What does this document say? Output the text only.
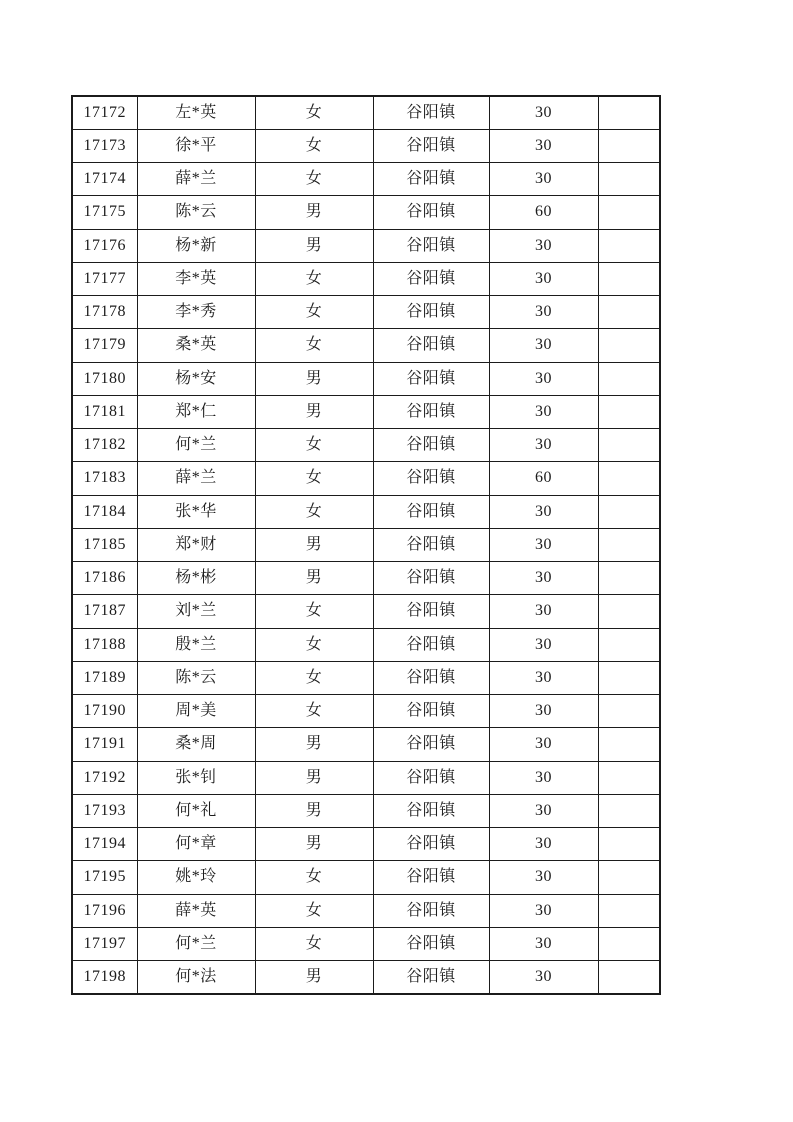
17172	左*英	女	谷阳镇	30	
17173	徐*平	女	谷阳镇	30	
17174	薛*兰	女	谷阳镇	30	
17175	陈*云	男	谷阳镇	60	
17176	杨*新	男	谷阳镇	30	
17177	李*英	女	谷阳镇	30	
17178	李*秀	女	谷阳镇	30	
17179	桑*英	女	谷阳镇	30	
17180	杨*安	男	谷阳镇	30	
17181	郑*仁	男	谷阳镇	30	
17182	何*兰	女	谷阳镇	30	
17183	薛*兰	女	谷阳镇	60	
17184	张*华	女	谷阳镇	30	
17185	郑*财	男	谷阳镇	30	
17186	杨*彬	男	谷阳镇	30	
17187	刘*兰	女	谷阳镇	30	
17188	殷*兰	女	谷阳镇	30	
17189	陈*云	女	谷阳镇	30	
17190	周*美	女	谷阳镇	30	
17191	桑*周	男	谷阳镇	30	
17192	张*钊	男	谷阳镇	30	
17193	何*礼	男	谷阳镇	30	
17194	何*章	男	谷阳镇	30	
17195	姚*玲	女	谷阳镇	30	
17196	薛*英	女	谷阳镇	30	
17197	何*兰	女	谷阳镇	30	
17198	何*法	男	谷阳镇	30	
